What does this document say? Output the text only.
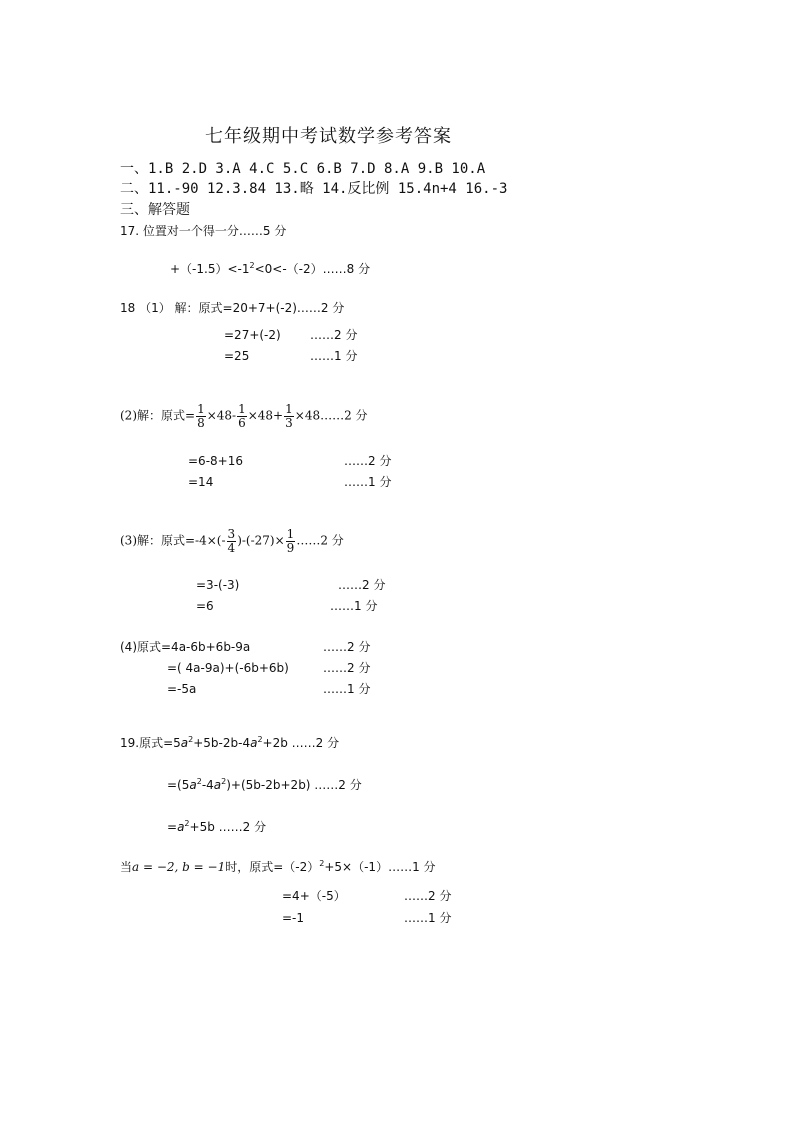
七年级期中考试数学参考答案
一、1.B 2.D 3.A 4.C 5.C 6.B 7.D 8.A 9.B 10.A
二、11.-90 12.3.84 13.略 14.反比例 15.4n+4 16.-3
三、解答题
17. 位置对一个得一分……5 分
$+(-1.5)<-1^2<0<-(-2)\dots\dots 8$ 分
18 （1） 解：原式=20+7+(-2)……2 分
=27+(-2) ……2 分
=25	……1 分
(2)解：原式= $\frac{1}{8} \times 48- \frac{1}{6} \times 48+ \frac{1}{3}$ ×48……2 分
=6-8+16	……2 分
=14	……1 分
(3)解：原式$=-4\times(- \frac{3}{4} )-(-27)\times \frac{1}{9}$ ……2 分
=3-(-3)	……2 分
=6	……1 分
(4)原式=4a-6b+6b-9a	……2 分
=( 4a-9a)+(-6b+6b)	……2 分
=-5a	……1 分
19.原式$=5a^2+5b-2b-4a^2+2b$ ……2 分
$=(5a^2-4a^2)+(5b-2b+2b)$ ……2 分
$=a^2+5b$ ……2 分
当a = −2, b = −1时，原式$=(-2)^2+5\times(-1)\dots\dots 1$ 分
=4+（-5）	……2 分
=-1	……1 分
